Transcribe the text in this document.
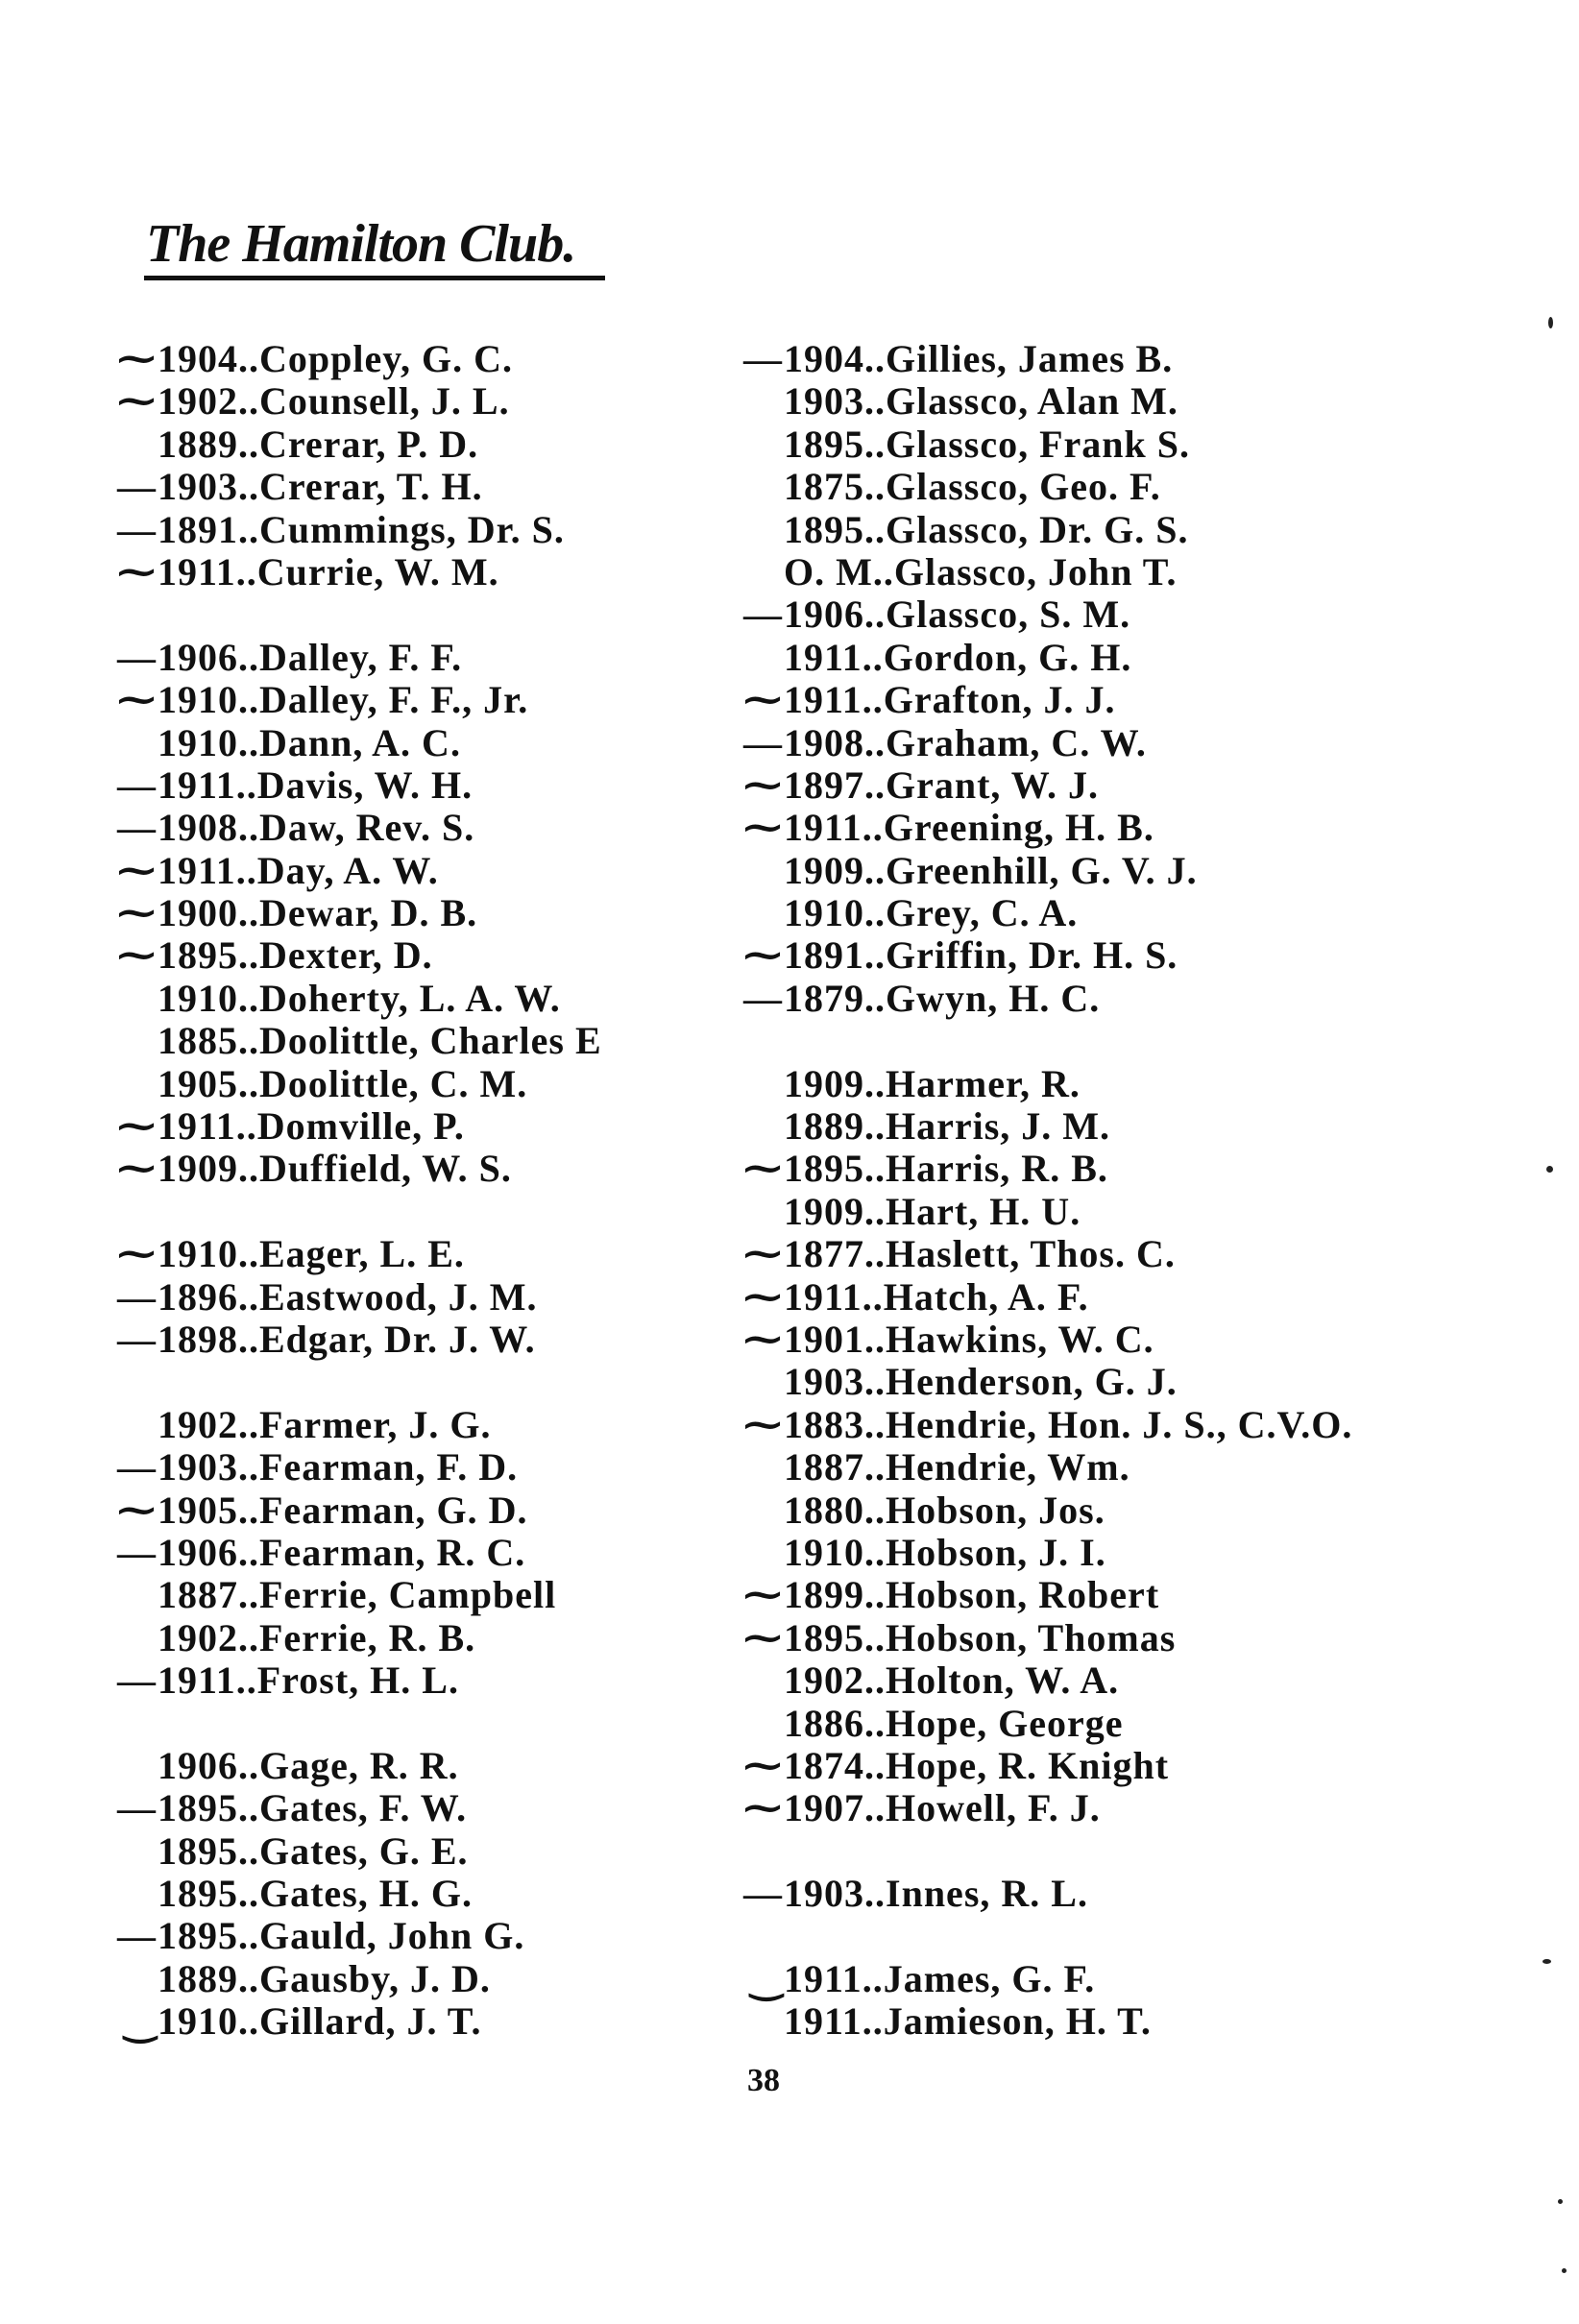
The Hamilton Club.
⁓ 1904..Coppley, G. C.
⁓ 1902..Counsell, J. L.
1889..Crerar, P. D.
— 1903..Crerar, T. H.
— 1891..Cummings, Dr. S.
⁓ 1911..Currie, W. M.
— 1906..Dalley, F. F.
⁓ 1910..Dalley, F. F., Jr.
1910..Dann, A. C.
— 1911..Davis, W. H.
— 1908..Daw, Rev. S.
⁓ 1911..Day, A. W.
⁓ 1900..Dewar, D. B.
⁓ 1895..Dexter, D.
1910..Doherty, L. A. W.
1885..Doolittle, Charles E
1905..Doolittle, C. M.
⁓ 1911..Domville, P.
⁓ 1909..Duffield, W. S.
⁓ 1910..Eager, L. E.
— 1896..Eastwood, J. M.
— 1898..Edgar, Dr. J. W.
1902..Farmer, J. G.
— 1903..Fearman, F. D.
⁓ 1905..Fearman, G. D.
— 1906..Fearman, R. C.
1887..Ferrie, Campbell
1902..Ferrie, R. B.
— 1911..Frost, H. L.
1906..Gage, R. R.
— 1895..Gates, F. W.
1895..Gates, G. E.
1895..Gates, H. G.
— 1895..Gauld, John G.
1889..Gausby, J. D.
‿ 1910..Gillard, J. T.
— 1904..Gillies, James B.
1903..Glassco, Alan M.
1895..Glassco, Frank S.
1875..Glassco, Geo. F.
1895..Glassco, Dr. G. S.
O. M..Glassco, John T.
— 1906..Glassco, S. M.
1911..Gordon, G. H.
⁓ 1911..Grafton, J. J.
— 1908..Graham, C. W.
⁓ 1897..Grant, W. J.
⁓ 1911..Greening, H. B.
1909..Greenhill, G. V. J.
1910..Grey, C. A.
⁓ 1891..Griffin, Dr. H. S.
— 1879..Gwyn, H. C.
1909..Harmer, R.
1889..Harris, J. M.
⁓ 1895..Harris, R. B.
1909..Hart, H. U.
⁓ 1877..Haslett, Thos. C.
⁓ 1911..Hatch, A. F.
⁓ 1901..Hawkins, W. C.
1903..Henderson, G. J.
⁓ 1883..Hendrie, Hon. J. S., C.V.O.
1887..Hendrie, Wm.
1880..Hobson, Jos.
1910..Hobson, J. I.
⁓ 1899..Hobson, Robert
⁓ 1895..Hobson, Thomas
1902..Holton, W. A.
1886..Hope, George
⁓ 1874..Hope, R. Knight
⁓ 1907..Howell, F. J.
— 1903..Innes, R. L.
‿ 1911..James, G. F.
1911..Jamieson, H. T.
38
